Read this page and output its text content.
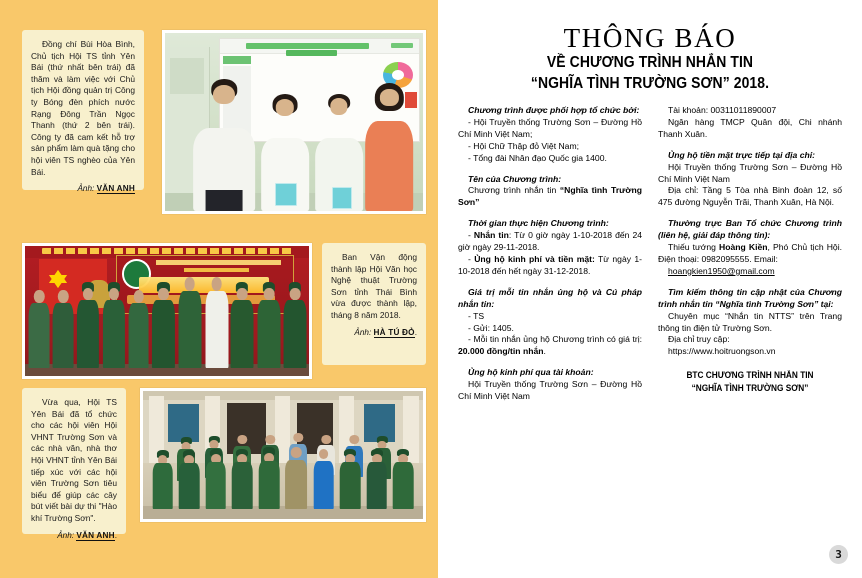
Đồng chí Bùi Hòa Bình, Chủ tịch Hội TS tỉnh Yên Bái (thứ nhất bên trái) đã thăm và làm việc với Chủ tịch Hội đồng quản trị Công ty Bóng đèn phích nước Rạng Đông Trần Ngọc Thanh (thứ 2 bên trái). Công ty đã cam kết hỗ trợ sản phẩm làm quà tặng cho hội viên TS nghèo của Yên Bái.

Ảnh: VĂN ANH

Ban Vận động thành lập Hội Văn học Nghệ thuật Trường Sơn tỉnh Thái Bình vừa được thành lập, tháng 8 năm 2018.

Ảnh: HÀ TÚ ĐỎ.

Vừa qua, Hội TS Yên Bái đã tổ chức cho các hội viên Hội VHNT Trường Sơn và các nhà văn, nhà thơ Hội VHNT tỉnh Yên Bái tiếp xúc với các hội viên Trường Sơn tiêu biểu để giúp các cây bút viết bài dự thi "Hào khí Trường Sơn".

Ảnh: VĂN ANH.

THÔNG BÁO
VỀ CHƯƠNG TRÌNH NHẮN TIN
“NGHĨA TÌNH TRƯỜNG SƠN” 2018.

Chương trình được phối hợp tổ chức bởi:

- Hội Truyền thống Trường Sơn – Đường Hồ Chí Minh Việt Nam;

- Hội Chữ Thập đỏ Việt Nam;

- Tổng đài Nhân đạo Quốc gia 1400.

Tên của Chương trình:

Chương trình nhắn tin “Nghĩa tình Trường Sơn”

Thời gian thực hiện Chương trình:

- Nhắn tin: Từ 0 giờ ngày 1-10-2018 đến 24 giờ ngày 29-11-2018.

- Ủng hộ kinh phí và tiền mặt: Từ ngày 1-10-2018 đến hết ngày 31-12-2018.

Giá trị mỗi tin nhắn ủng hộ và Cú pháp nhắn tin:

- TS

- Gửi: 1405.

- Mỗi tin nhắn ủng hộ Chương trình có giá trị: 20.000 đồng/tin nhắn.

Ủng hộ kinh phí qua tài khoản:

Hội Truyền thống Trường Sơn – Đường Hồ Chí Minh Việt Nam

Tài khoản: 00311011890007

Ngân hàng TMCP Quân đội, Chi nhánh Thanh Xuân.

Ủng hộ tiền mặt trực tiếp tại địa chỉ:

Hội Truyền thống Trường Sơn – Đường Hồ Chí Minh Việt Nam

Địa chỉ: Tầng 5 Tòa nhà Binh đoàn 12, số 475 đường Nguyễn Trãi, Thanh Xuân, Hà Nội.

Thường trực Ban Tổ chức Chương trình (liên hệ, giải đáp thông tin):

Thiếu tướng Hoàng Kiền, Phó Chủ tịch Hội. Điện thoại: 0982095555. Email:

hoangkien1950@gmail.com

Tìm kiếm thông tin cập nhật của Chương trình nhắn tin “Nghĩa tình Trường Sơn” tại:

Chuyên mục “Nhắn tin NTTS” trên Trang thông tin điện tử Trường Sơn.

Địa chỉ truy cập:

https://www.hoitruongson.vn

BTC CHƯƠNG TRÌNH NHẮN TIN

“NGHĨA TÌNH TRƯỜNG SƠN”

3
